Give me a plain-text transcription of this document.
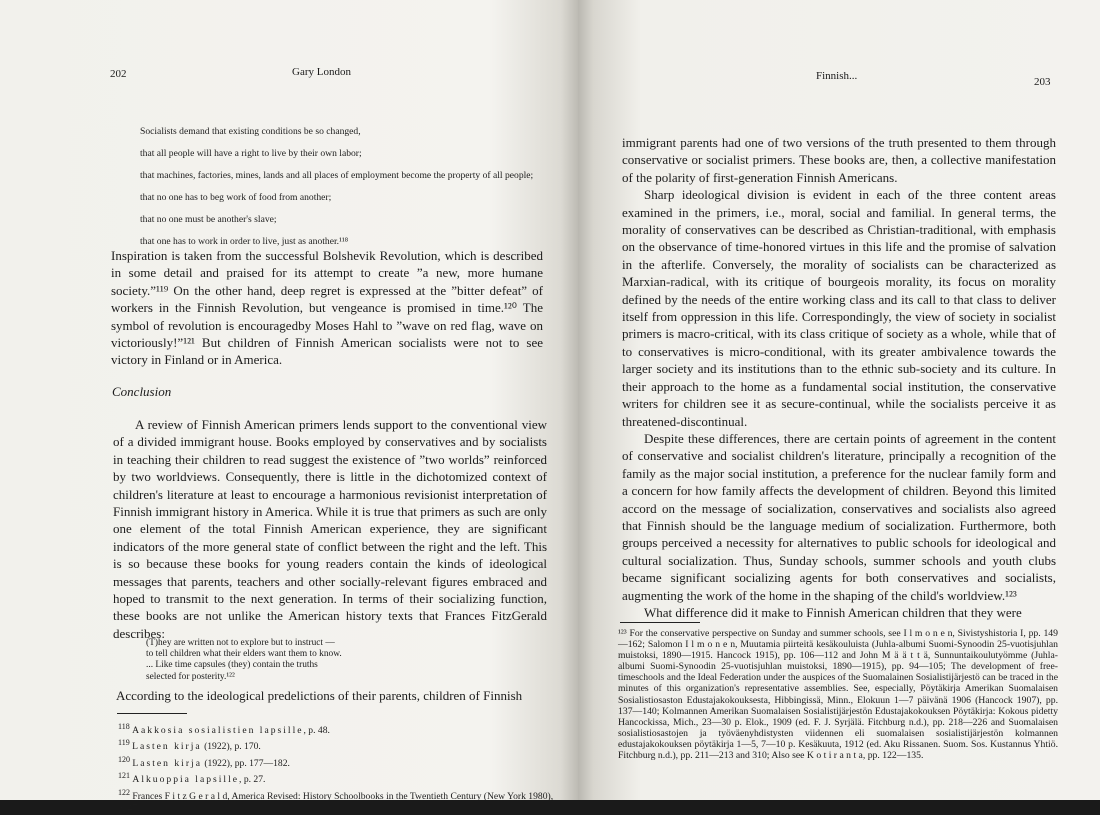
202	Gary London

Socialists demand that existing conditions be so changed,

that all people will have a right to live by their own labor;

that machines, factories, mines, lands and all places of employment become the property of all people;

that no one has to beg work of food from another;

that no one must be another's slave;

that one has to work in order to live, just as another.¹¹⁸

Inspiration is taken from the successful Bolshevik Revolution, which is described in some detail and praised for its attempt to create ”a new, more humane society.”¹¹⁹ On the other hand, deep regret is expressed at the ”bitter defeat” of workers in the Finnish Revolution, but vengeance is promised in time.¹²⁰ The symbol of revolution is encouragedby Moses Hahl to ”wave on red flag, wave on victoriously!”¹²¹ But children of Finnish American socialists were not to see victory in Finland or in America.

Conclusion

A review of Finnish American primers lends support to the conventional view of a divided immigrant house. Books employed by conservatives and by socialists in teaching their children to read suggest the existence of ”two worlds” reinforced by two worldviews. Consequently, there is little in the dichotomized context of children's literature at least to encourage a harmonious revisionist interpretation of Finnish immigrant history in America. While it is true that primers as such are only one element of the total Finnish American experience, they are significant indicators of the more general state of conflict between the right and the left. This is so because these books for young readers contain the kinds of ideological messages that parents, teachers and other socially-relevant figures embraced and hoped to transmit to the next generation. In terms of their socializing function, these books are not unlike the American history texts that Frances FitzGerald describes:

(T)hey are written not to explore but to instruct —

to tell children what their elders want them to know.

... Like time capsules (they) contain the truths

selected for posterity.¹²²

According to the ideological predelictions of their parents, children of Finnish

$^{118}$ Aakkosia sosialistien lapsille, p. 48.

$^{119}$ Lasten kirja (1922), p. 170.

$^{120}$ Lasten kirja (1922), pp. 177—182.

$^{121}$ Alkuoppia lapsille, p. 27.

$^{122}$ Frances F i t z G e r a l d, America Revised: History Schoolbooks in the Twentieth Century (New York 1980), p. 47.

Finnish...	203

immigrant parents had one of two versions of the truth presented to them through conservative or socialist primers. These books are, then, a collective manifestation of the polarity of first-generation Finnish Americans.

Sharp ideological division is evident in each of the three content areas examined in the primers, i.e., moral, social and familial. In general terms, the morality of conservatives can be described as Christian-traditional, with emphasis on the observance of time-honored virtues in this life and the promise of salvation in the afterlife. Conversely, the morality of socialists can be characterized as Marxian-radical, with its critique of bourgeois morality, its focus on morality defined by the needs of the entire working class and its call to that class to deliver itself from oppression in this life. Correspondingly, the view of society in socialist primers is macro-critical, with its class critique of society as a whole, while that of to conservatives is micro-conditional, with its greater ambivalence towards the larger society and its institutions than to the ethnic sub-society and its culture. In their approach to the home as a fundamental social institution, the conservative writers for children see it as secure-continual, while the socialists perceive it as threatened-discontinual.

Despite these differences, there are certain points of agreement in the content of conservative and socialist children's literature, principally a recognition of the family as the major social institution, a preference for the nuclear family form and a concern for how family affects the development of children. Beyond this limited accord on the message of socialization, conservatives and socialists also agreed that Finnish should be the language medium of socialization. Furthermore, both groups perceived a necessity for alternatives to public schools for ideological and cultural socialization. Thus, Sunday schools, summer schools and youth clubs became significant socializing agents for both conservatives and socialists, augmenting the work of the home in the shaping of the child's worldview.¹²³

What difference did it make to Finnish American children that they were

¹²³ For the conservative perspective on Sunday and summer schools, see I l m o n e n, Sivistyshistoria I, pp. 149—162; Salomon I l m o n e n, Muutamia piirteitä kesäkouluista (Juhla-albumi Suomi-Synoodin 25-vuotisjuhlan muistoksi, 1890—1915. Hancock 1915), pp. 106—112 and John M ä ä t t ä, Sunnuntaikoulutyömme (Juhla-albumi Suomi-Synoodin 25-vuotisjuhlan muistoksi, 1890—1915), pp. 94—105; The development of free-timeschools and the Ideal Federation under the auspices of the Suomalainen Sosialistijärjestö can be traced in the minutes of this organization's representative assemblies. See, especially, Pöytäkirja Amerikan Suomalaisen Sosialistiosaston Edustajakokouksesta, Hibbingissä, Minn., Elokuun 1—7 päivänä 1906 (Hancock 1907), pp. 137—140; Kolmannen Amerikan Suomalaisen Sosialistijärjestön Edustajakokouksen Pöytäkirja: Kokous pidetty Hancockissa, Mich., 23—30 p. Elok., 1909 (ed. F. J. Syrjälä. Fitchburg n.d.), pp. 218—226 and Suomalaisen sosialistiosastojen ja työväenyhdistysten viidennen eli suomalaisen sosialistijärjestön kolmannen edustajakokouksen pöytäkirja 1—5, 7—10 p. Kesäkuuta, 1912 (ed. Aku Rissanen. Suom. Sos. Kustannus Yhtiö. Fitchburg n.d.), pp. 211—213 and 310; Also see K o t i r a n t a, pp. 122—135.
